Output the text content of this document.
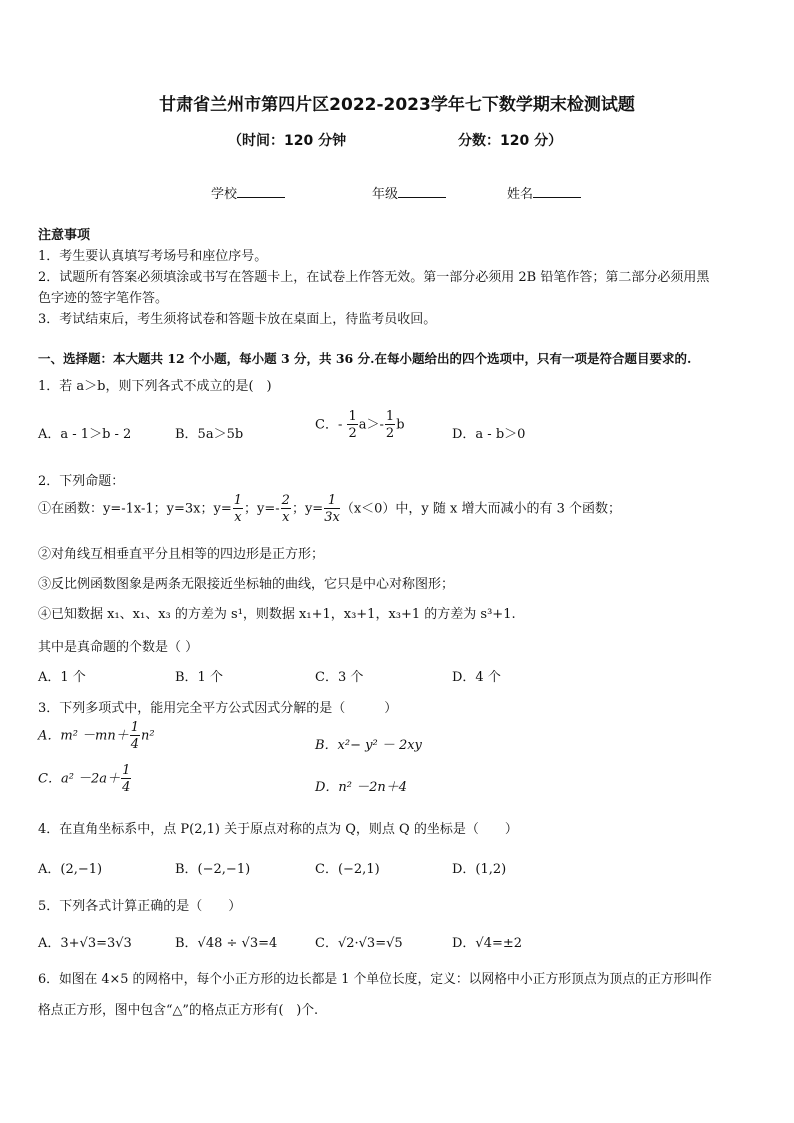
甘肃省兰州市第四片区2022-2023学年七下数学期末检测试题
（时间：120 分钟	分数：120 分）
学校	年级	姓名
注意事项
1．考生要认真填写考场号和座位序号。
2．试题所有答案必须填涂或书写在答题卡上，在试卷上作答无效。第一部分必须用 2B 铅笔作答；第二部分必须用黑
色字迹的签字笔作答。
3．考试结束后，考生须将试卷和答题卡放在桌面上，待监考员收回。
一、选择题：本大题共 12 个小题，每小题 3 分，共 36 分.在每小题给出的四个选项中，只有一项是符合题目要求的.
1．若 a＞b，则下列各式不成立的是(　)
A．a - 1＞b - 2	B．5a＞5b
C．- $\frac{1}{2} a>- \frac{1}{2}$ b
D．a - b＞0
2．下列命题：
①在函数：y=-1x-1；y=3x；$y= \frac{1}{x}$ ；$y=- \frac{2}{x}$ ；$y= \frac{1}{3x} (x<0)$中，y 随 x 增大而减小的有 3 个函数；
②对角线互相垂直平分且相等的四边形是正方形；
③反比例函数图象是两条无限接近坐标轴的曲线，它只是中心对称图形；
④已知数据 x₁、x₁、x₃ 的方差为 s¹，则数据 x₁+1，x₃+1，x₃+1 的方差为 s³+1.
其中是真命题的个数是（ ）
A．1 个	B．1 个	C．3 个	D．4 个
3．下列多项式中，能用完全平方公式因式分解的是（　　　）
A．$m^2 -mn+ \frac{1}{4} n^2$
B．x²− y² － 2xy
C．$a^2 -2a+ \frac{1}{4}$	D．n² －2n＋4
4．在直角坐标系中，点 P(2,1) 关于原点对称的点为 Q，则点 Q 的坐标是（　　）
A．(2,−1)	B．(−2,−1)	C．(−2,1)	D．(1,2)
5．下列各式计算正确的是（　　）
A．3+√3=3√3	B．√48 ÷ √3=4	C．√2·√3=√5	D．√4=±2
6．如图在 4×5 的网格中，每个小正方形的边长都是 1 个单位长度，定义：以网格中小正方形顶点为顶点的正方形叫作
格点正方形，图中包含“△”的格点正方形有(　)个.
